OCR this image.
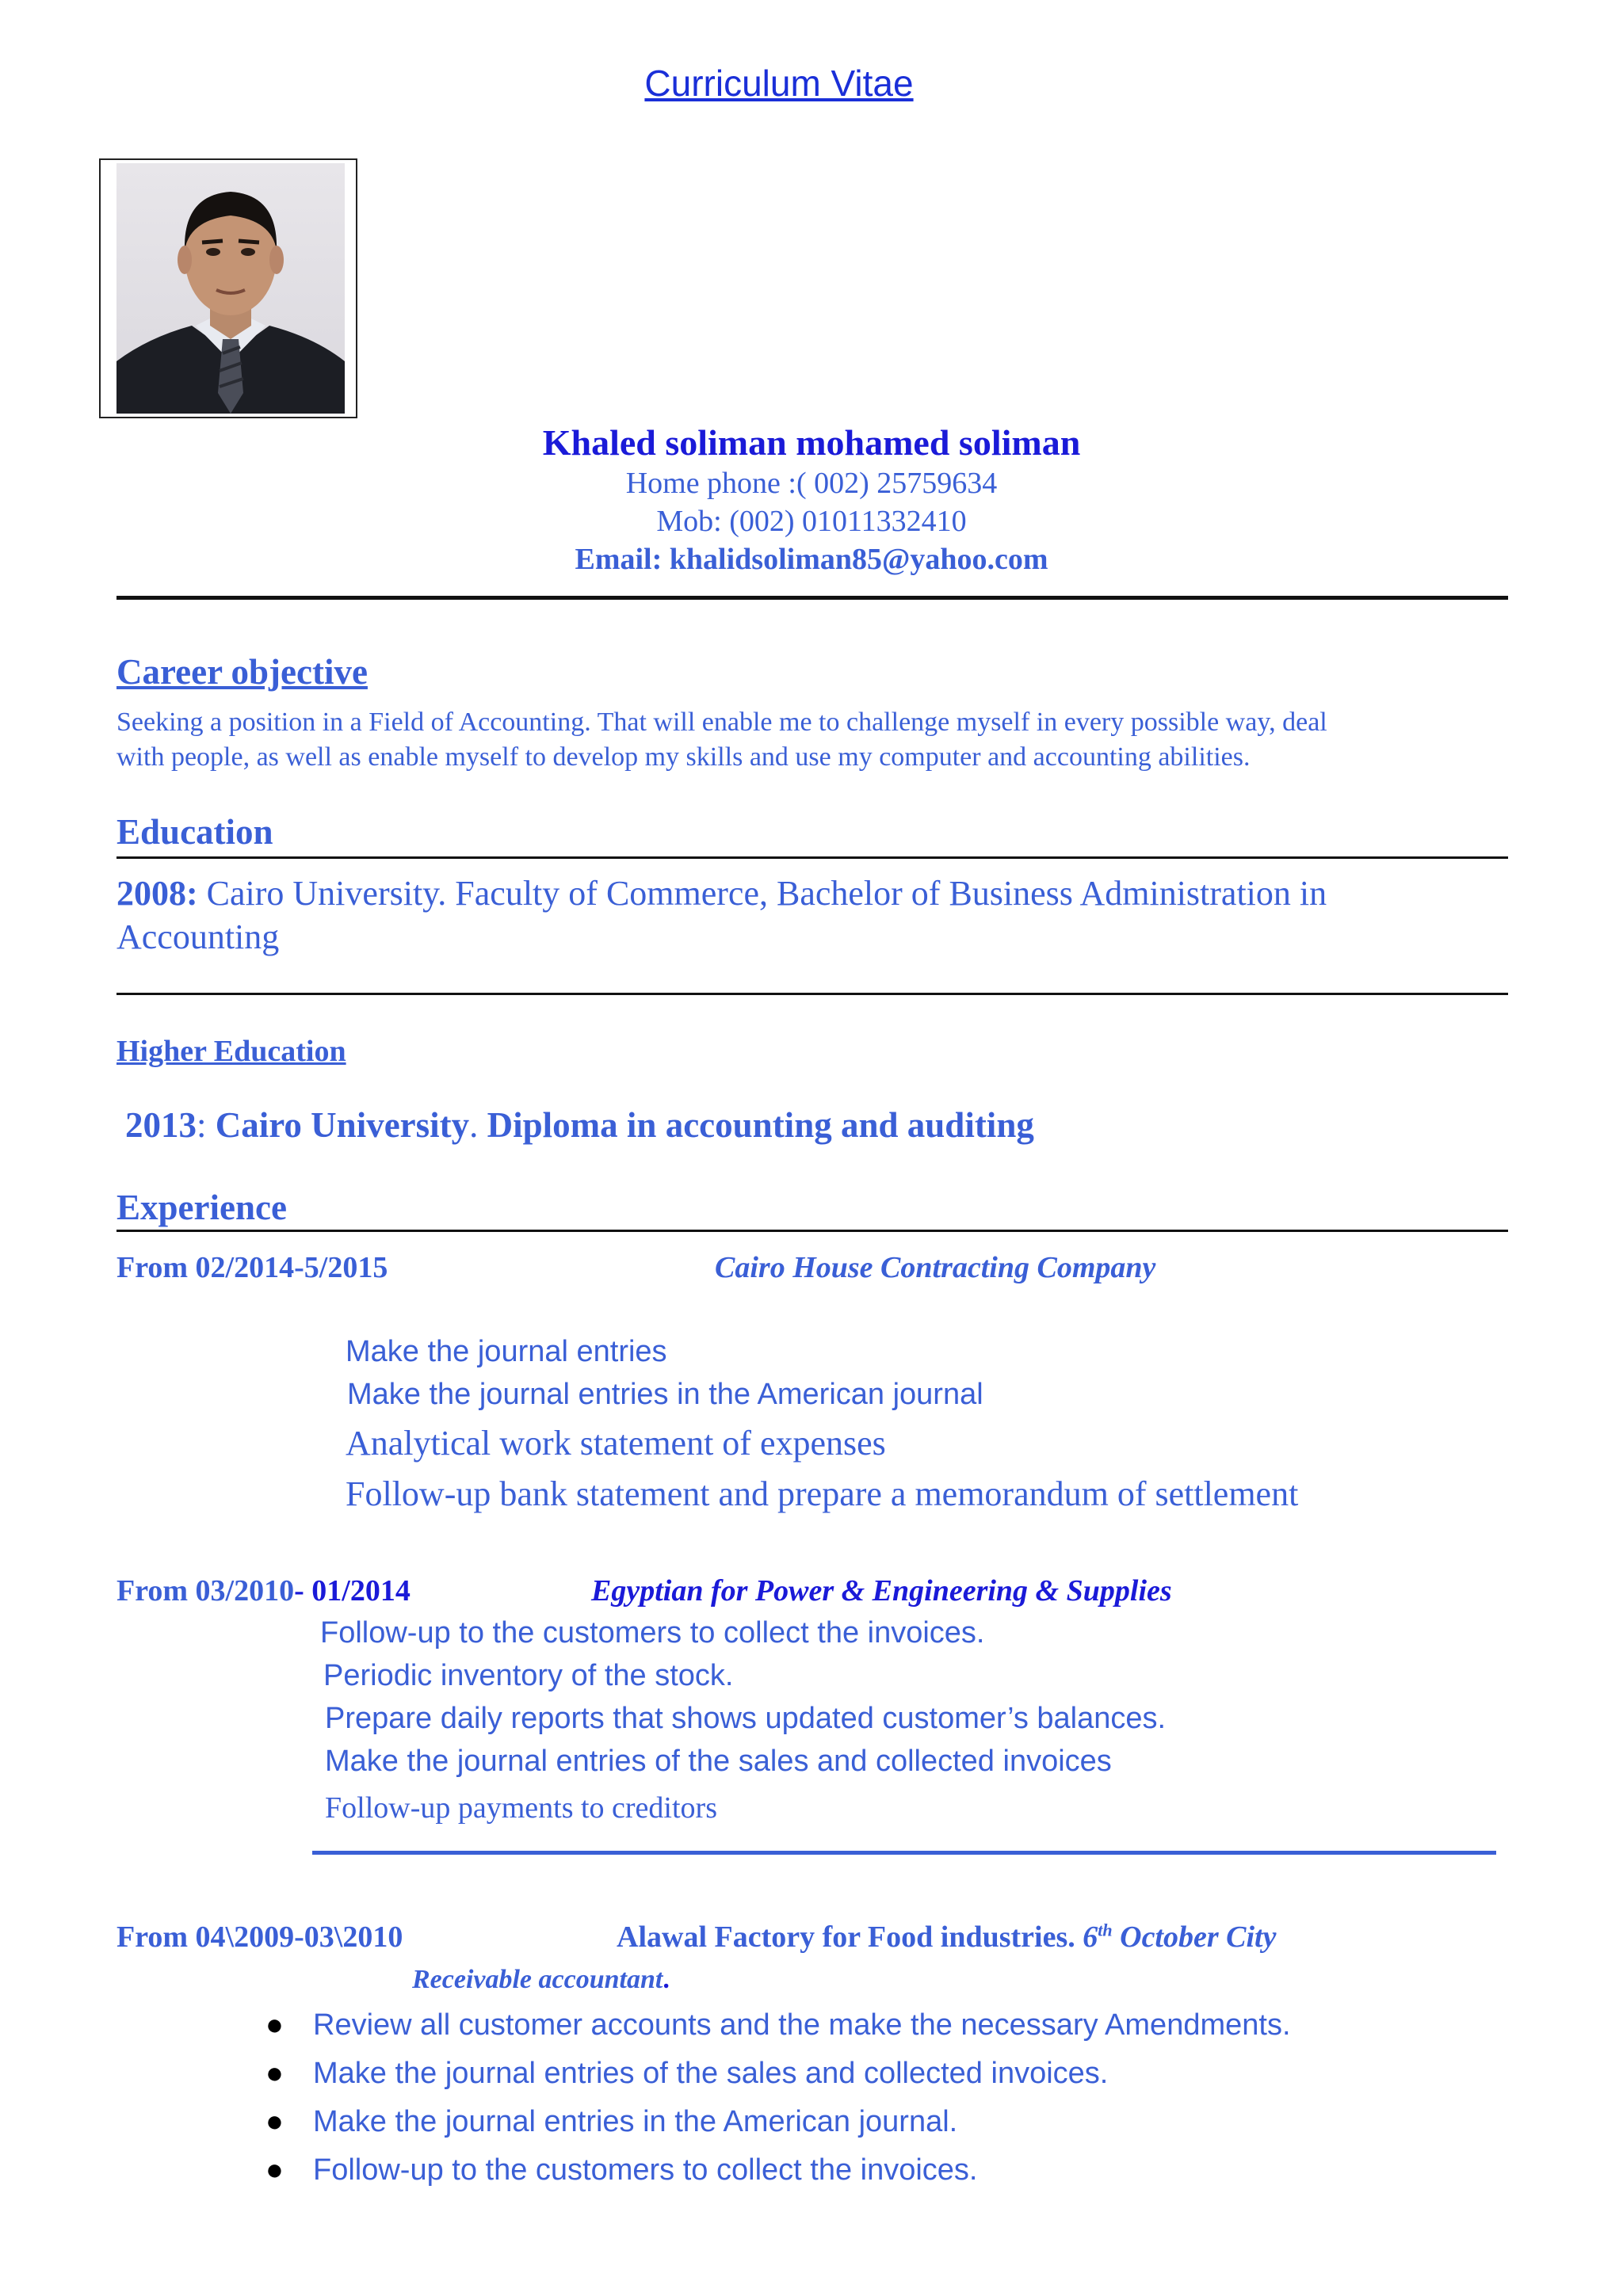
Curriculum Vitae
Khaled soliman mohamed soliman
Home phone :( 002) 25759634
Mob: (002) 01011332410
Email: khalidsoliman85@yahoo.com
Career objective
Seeking a position in a Field of Accounting. That will enable me to challenge myself in every possible way, deal
with people, as well as enable myself to develop my skills and use my computer and accounting abilities.
Education
2008: Cairo University. Faculty of Commerce, Bachelor of Business Administration in
Accounting
Higher Education
2013: Cairo University. Diploma in accounting and auditing
Experience
From 02/2014-5/2015	Cairo House Contracting Company
Make the journal entries
Make the journal entries in the American journal
Analytical work statement of expenses
Follow-up bank statement and prepare a memorandum of settlement
From 03/2010- 01/2014	Egyptian for Power & Engineering & Supplies
Follow-up to the customers to collect the invoices.
Periodic inventory of the stock.
Prepare daily reports that shows updated customer’s balances.
Make the journal entries of the sales and collected invoices
Follow-up payments to creditors
From 04\2009-03\2010	Alawal Factory for Food industries. 6th October City
Receivable accountant.
● Review all customer accounts and the make the necessary Amendments.
● Make the journal entries of the sales and collected invoices.
● Make the journal entries in the American journal.
● Follow-up to the customers to collect the invoices.
